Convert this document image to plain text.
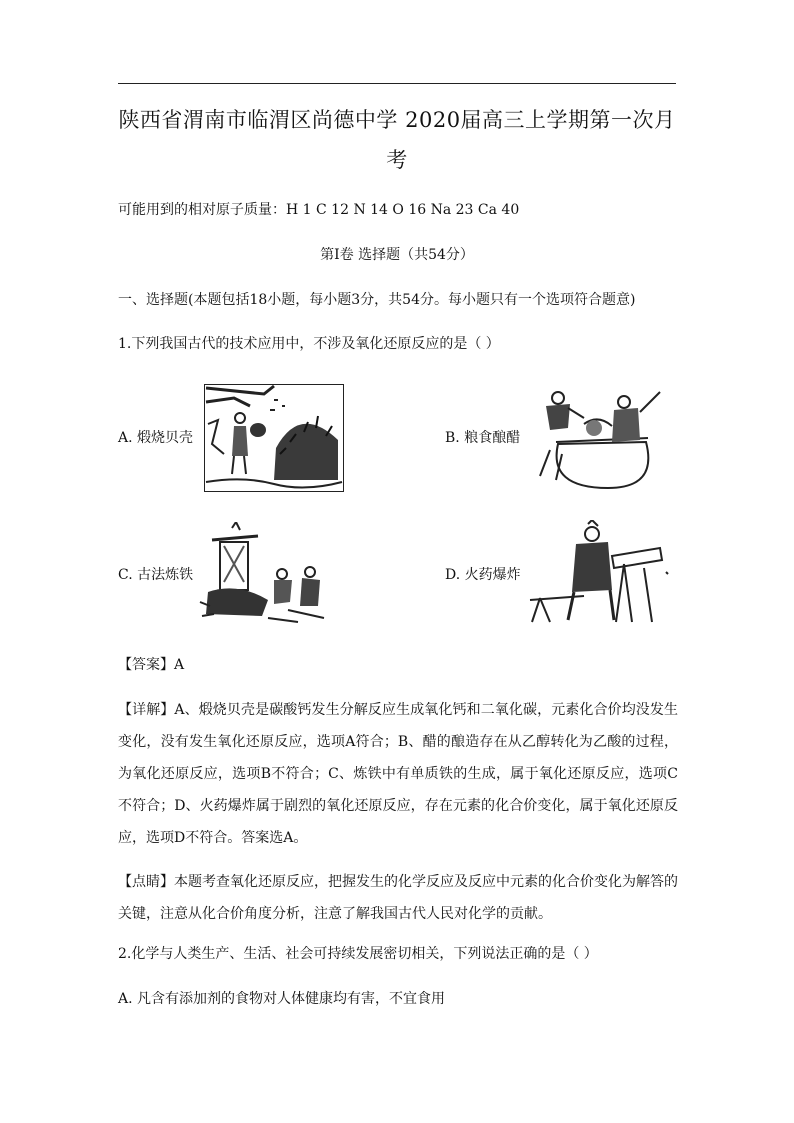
陕西省渭南市临渭区尚德中学 2020届高三上学期第一次月
考
可能用到的相对原子质量：H 1 C 12 N 14 O 16 Na 23 Ca 40
第Ⅰ卷 选择题（共54分）
一、选择题(本题包括18小题，每小题3分，共54分。每小题只有一个选项符合题意)
1.下列我国古代的技术应用中，不涉及氧化还原反应的是（ ）
A. 煅烧贝壳	B. 粮食酿醋
C. 古法炼铁	D. 火药爆炸
【答案】A
【详解】A、煅烧贝壳是碳酸钙发生分解反应生成氧化钙和二氧化碳，元素化合价均没发生变化，没有发生氧化还原反应，选项A符合；B、醋的酿造存在从乙醇转化为乙酸的过程，为氧化还原反应，选项B不符合；C、炼铁中有单质铁的生成，属于氧化还原反应，选项C不符合；D、火药爆炸属于剧烈的氧化还原反应，存在元素的化合价变化，属于氧化还原反应，选项D不符合。答案选A。
【点睛】本题考查氧化还原反应，把握发生的化学反应及反应中元素的化合价变化为解答的关键，注意从化合价角度分析，注意了解我国古代人民对化学的贡献。
2.化学与人类生产、生活、社会可持续发展密切相关，下列说法正确的是（ ）
A. 凡含有添加剂的食物对人体健康均有害，不宜食用
